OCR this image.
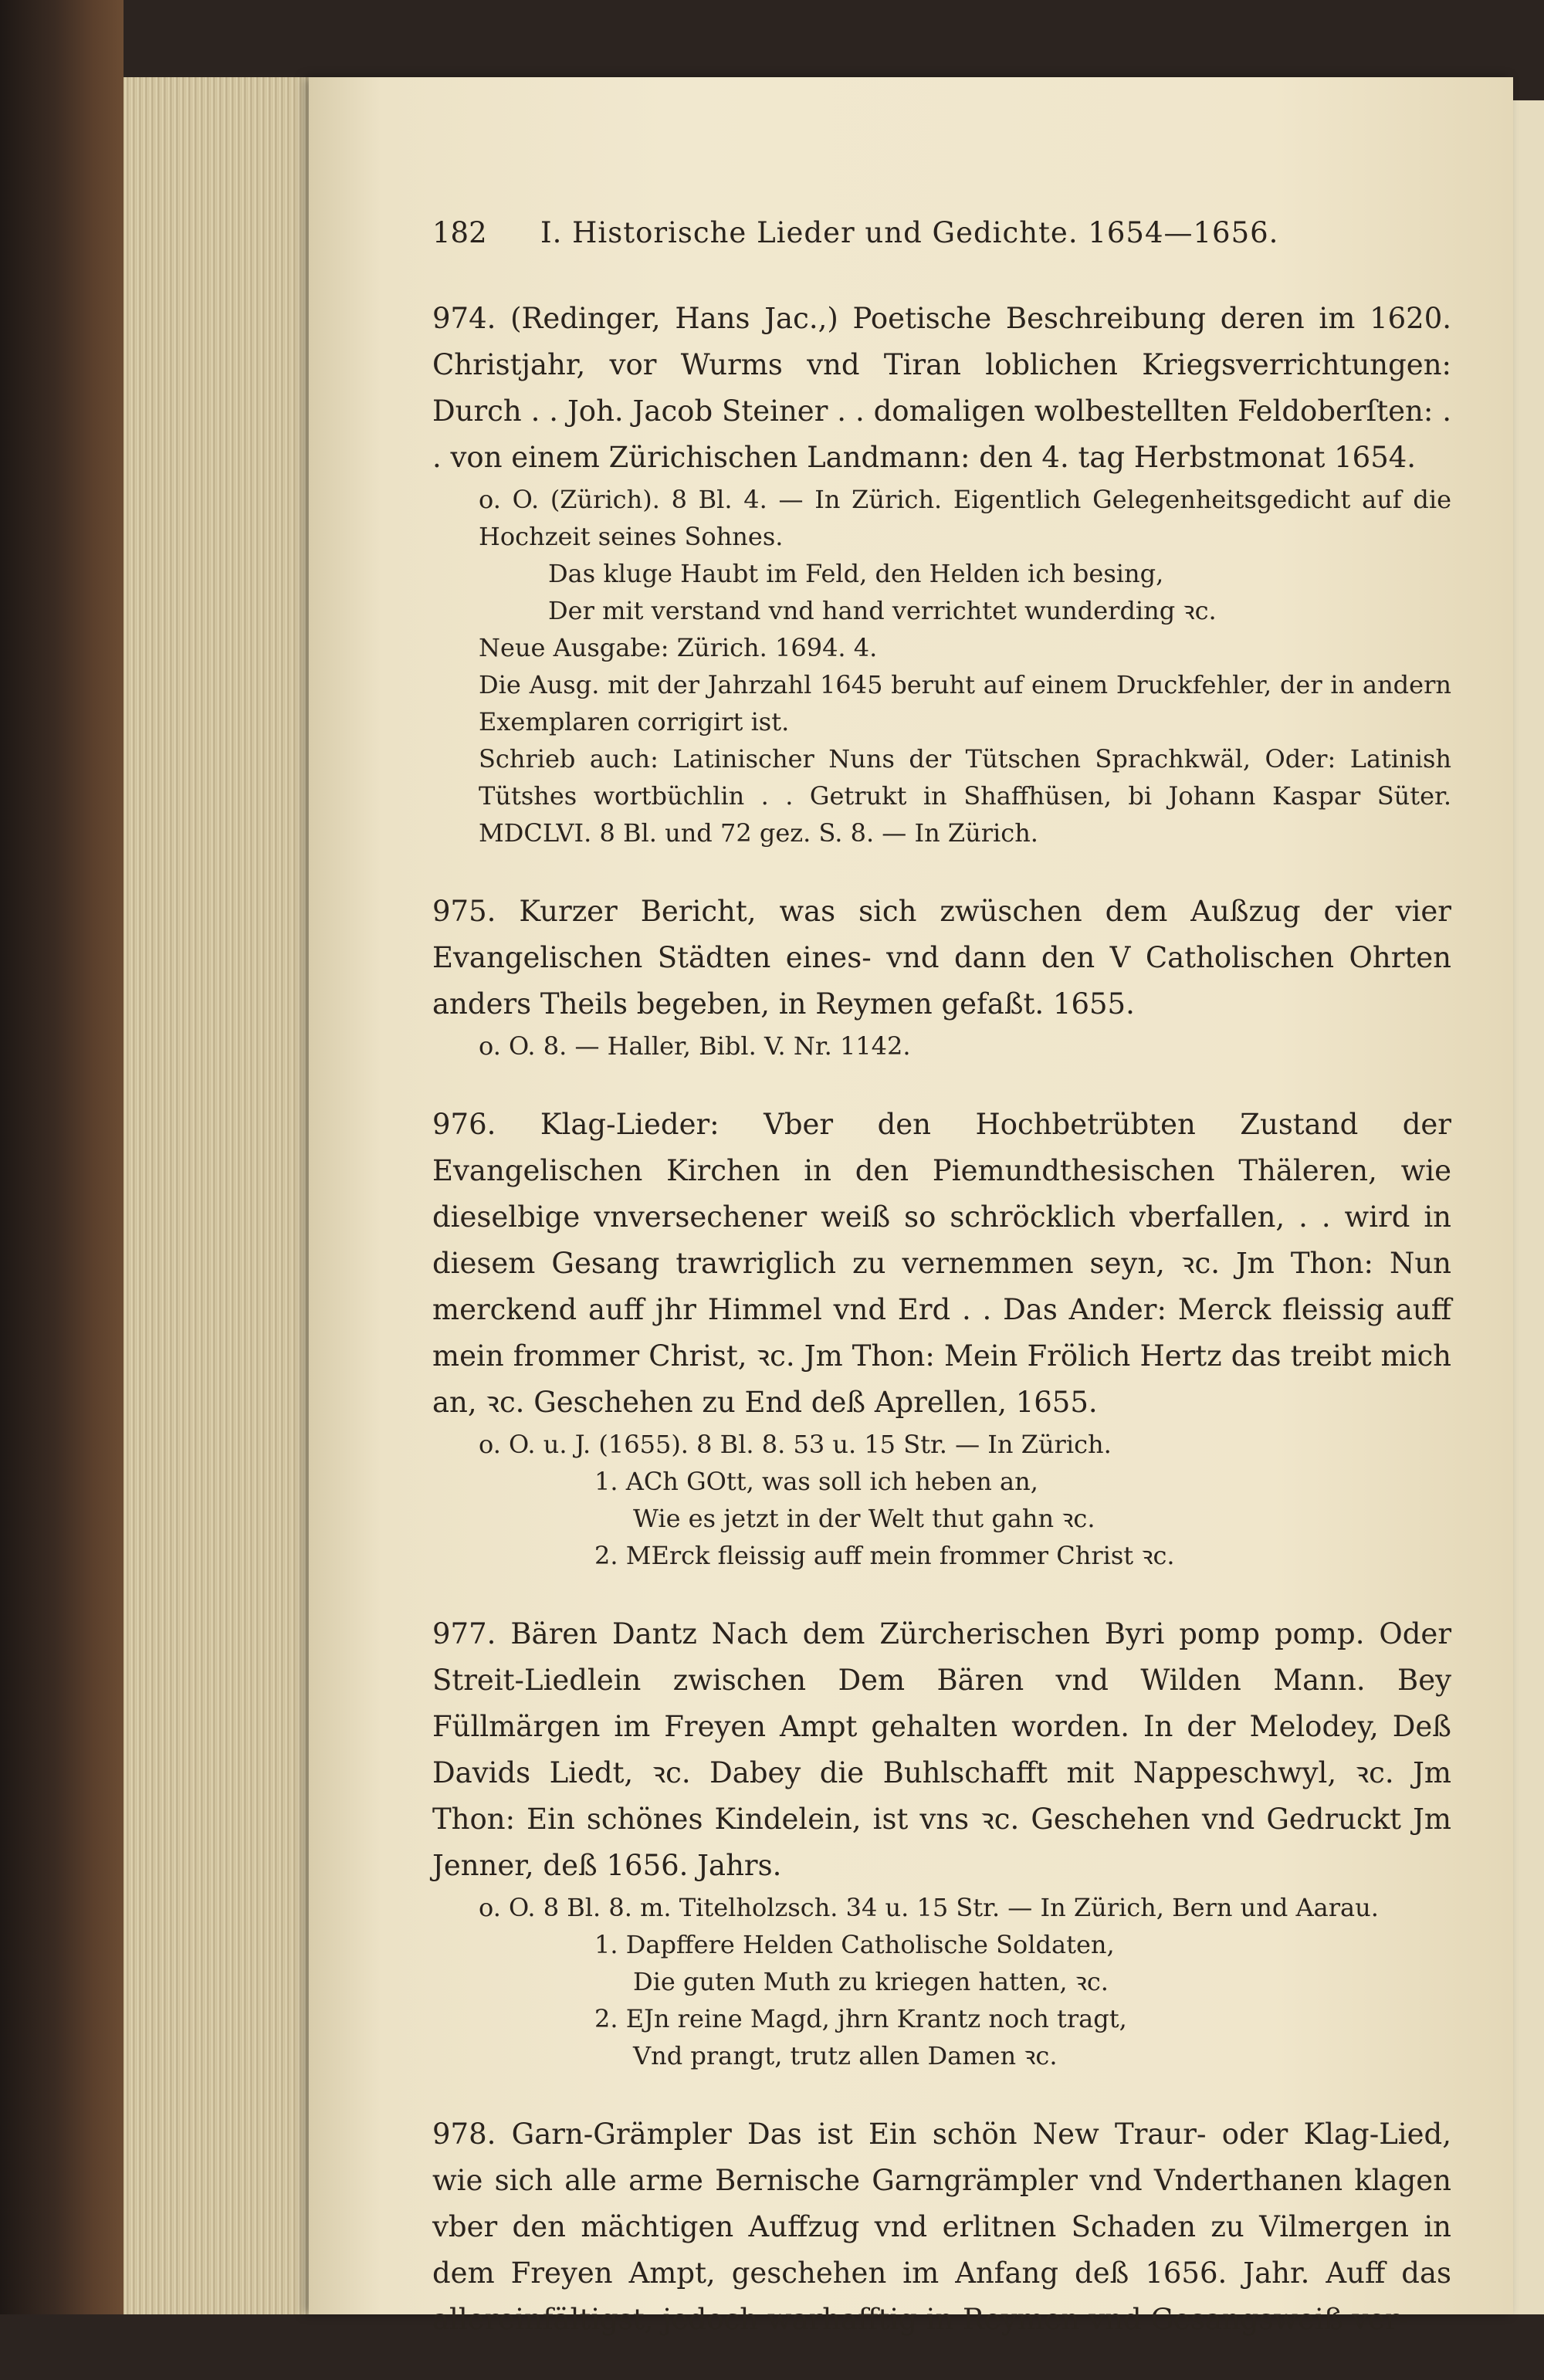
182	I. Historische Lieder und Gedichte. 1654—1656.

974. (Redinger, Hans Jac.,) Poetische Beschreibung deren im 1620. Christjahr, vor Wurms vnd Tiran loblichen Kriegsverrichtungen: Durch . . Joh. Jacob Steiner . . domaligen wolbestellten Feldoberſten: . . von einem Zürichischen Landmann: den 4. tag Herbstmonat 1654.

o. O. (Zürich). 8 Bl. 4. — In Zürich. Eigentlich Gelegenheitsgedicht auf die Hochzeit seines Sohnes.

Das kluge Haubt im Feld, den Helden ich besing,

Der mit verstand vnd hand verrichtet wunderding ꝛc.

Neue Ausgabe: Zürich. 1694. 4.

Die Ausg. mit der Jahrzahl 1645 beruht auf einem Druckfehler, der in andern Exemplaren corrigirt ist.

Schrieb auch: Latinischer Nuns der Tütschen Sprachkwäl, Oder: Latinish Tütshes wortbüchlin . . Getrukt in Shaffhüsen, bi Johann Kaspar Süter. MDCLVI. 8 Bl. und 72 gez. S. 8. — In Zürich.

975. Kurzer Bericht, was sich zwüschen dem Außzug der vier Evangelischen Städten eines- vnd dann den V Catholischen Ohrten anders Theils begeben, in Reymen gefaßt. 1655.

o. O. 8. — Haller, Bibl. V. Nr. 1142.

976. Klag-Lieder: Vber den Hochbetrübten Zustand der Evangelischen Kirchen in den Piemundthesischen Thäleren, wie dieselbige vnversechener weiß so schröcklich vberfallen, . . wird in diesem Gesang trawriglich zu vernemmen seyn, ꝛc. Jm Thon: Nun merckend auff jhr Himmel vnd Erd . . Das Ander: Merck fleissig auff mein frommer Christ, ꝛc. Jm Thon: Mein Frölich Hertz das treibt mich an, ꝛc. Geschehen zu End deß Aprellen, 1655.

o. O. u. J. (1655). 8 Bl. 8. 53 u. 15 Str. — In Zürich.

1. ACh GOtt, was soll ich heben an,

Wie es jetzt in der Welt thut gahn ꝛc.

2. MErck fleissig auff mein frommer Christ ꝛc.

977. Bären Dantz Nach dem Zürcherischen Byri pomp pomp. Oder Streit-Liedlein zwischen Dem Bären vnd Wilden Mann. Bey Füllmärgen im Freyen Ampt gehalten worden. In der Melodey, Deß Davids Liedt, ꝛc. Dabey die Buhlschafft mit Nappeschwyl, ꝛc. Jm Thon: Ein schönes Kindelein, ist vns ꝛc. Geschehen vnd Gedruckt Jm Jenner, deß 1656. Jahrs.

o. O. 8 Bl. 8. m. Titelholzsch. 34 u. 15 Str. — In Zürich, Bern und Aarau.

1. Dapffere Helden Catholische Soldaten,

Die guten Muth zu kriegen hatten, ꝛc.

2. EJn reine Magd, jhrn Krantz noch tragt,

Vnd prangt, trutz allen Damen ꝛc.

978. Garn-Grämpler Das ist Ein schön New Traur- oder Klag-Lied, wie sich alle arme Bernische Garngrämpler vnd Vnderthanen klagen vber den mächtigen Auffzug vnd erlitnen Schaden zu Vilmergen in dem Freyen Ampt, geschehen im Anfang deß 1656. Jahr. Auff das allereinfältigst, jedoch warhafftig in Reymen vnd Gesangsweiß ver-
